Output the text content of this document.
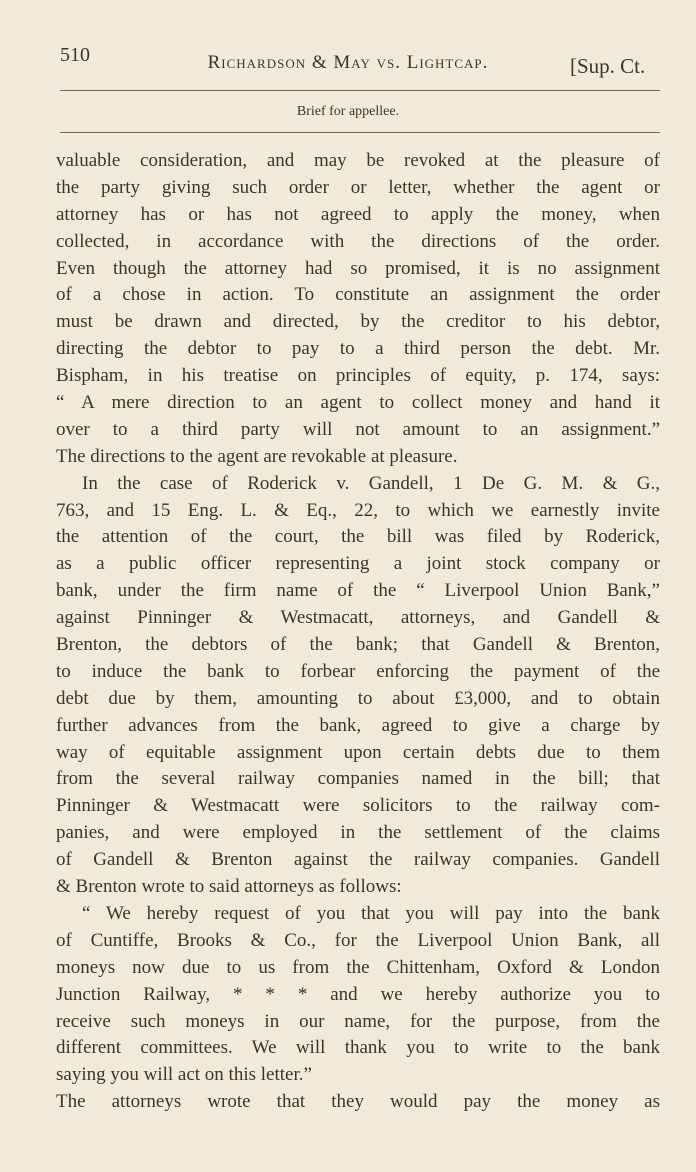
510	Richardson & May vs. Lightcap.	[Sup. Ct.
Brief for appellee.
valuable consideration, and may be revoked at the pleasure of
the party giving such order or letter, whether the agent or
attorney has or has not agreed to apply the money, when
collected, in accordance with the directions of the order.
Even though the attorney had so promised, it is no assignment
of a chose in action. To constitute an assignment the order
must be drawn and directed, by the creditor to his debtor,
directing the debtor to pay to a third person the debt. Mr.
Bispham, in his treatise on principles of equity, p. 174, says:
“ A mere direction to an agent to collect money and hand it
over to a third party will not amount to an assignment.”
The directions to the agent are revokable at pleasure.
In the case of Roderick v. Gandell, 1 De G. M. & G.,
763, and 15 Eng. L. & Eq., 22, to which we earnestly invite
the attention of the court, the bill was filed by Roderick,
as a public officer representing a joint stock company or
bank, under the firm name of the “ Liverpool Union Bank,”
against Pinninger & Westmacatt, attorneys, and Gandell &
Brenton, the debtors of the bank; that Gandell & Brenton,
to induce the bank to forbear enforcing the payment of the
debt due by them, amounting to about £3,000, and to obtain
further advances from the bank, agreed to give a charge by
way of equitable assignment upon certain debts due to them
from the several railway companies named in the bill; that
Pinninger & Westmacatt were solicitors to the railway com-
panies, and were employed in the settlement of the claims
of Gandell & Brenton against the railway companies. Gandell
& Brenton wrote to said attorneys as follows:
“ We hereby request of you that you will pay into the bank
of Cuntiffe, Brooks & Co., for the Liverpool Union Bank, all
moneys now due to us from the Chittenham, Oxford & London
Junction Railway, * * * and we hereby authorize you to
receive such moneys in our name, for the purpose, from the
different committees. We will thank you to write to the bank
saying you will act on this letter.”
The attorneys wrote that they would pay the money as
